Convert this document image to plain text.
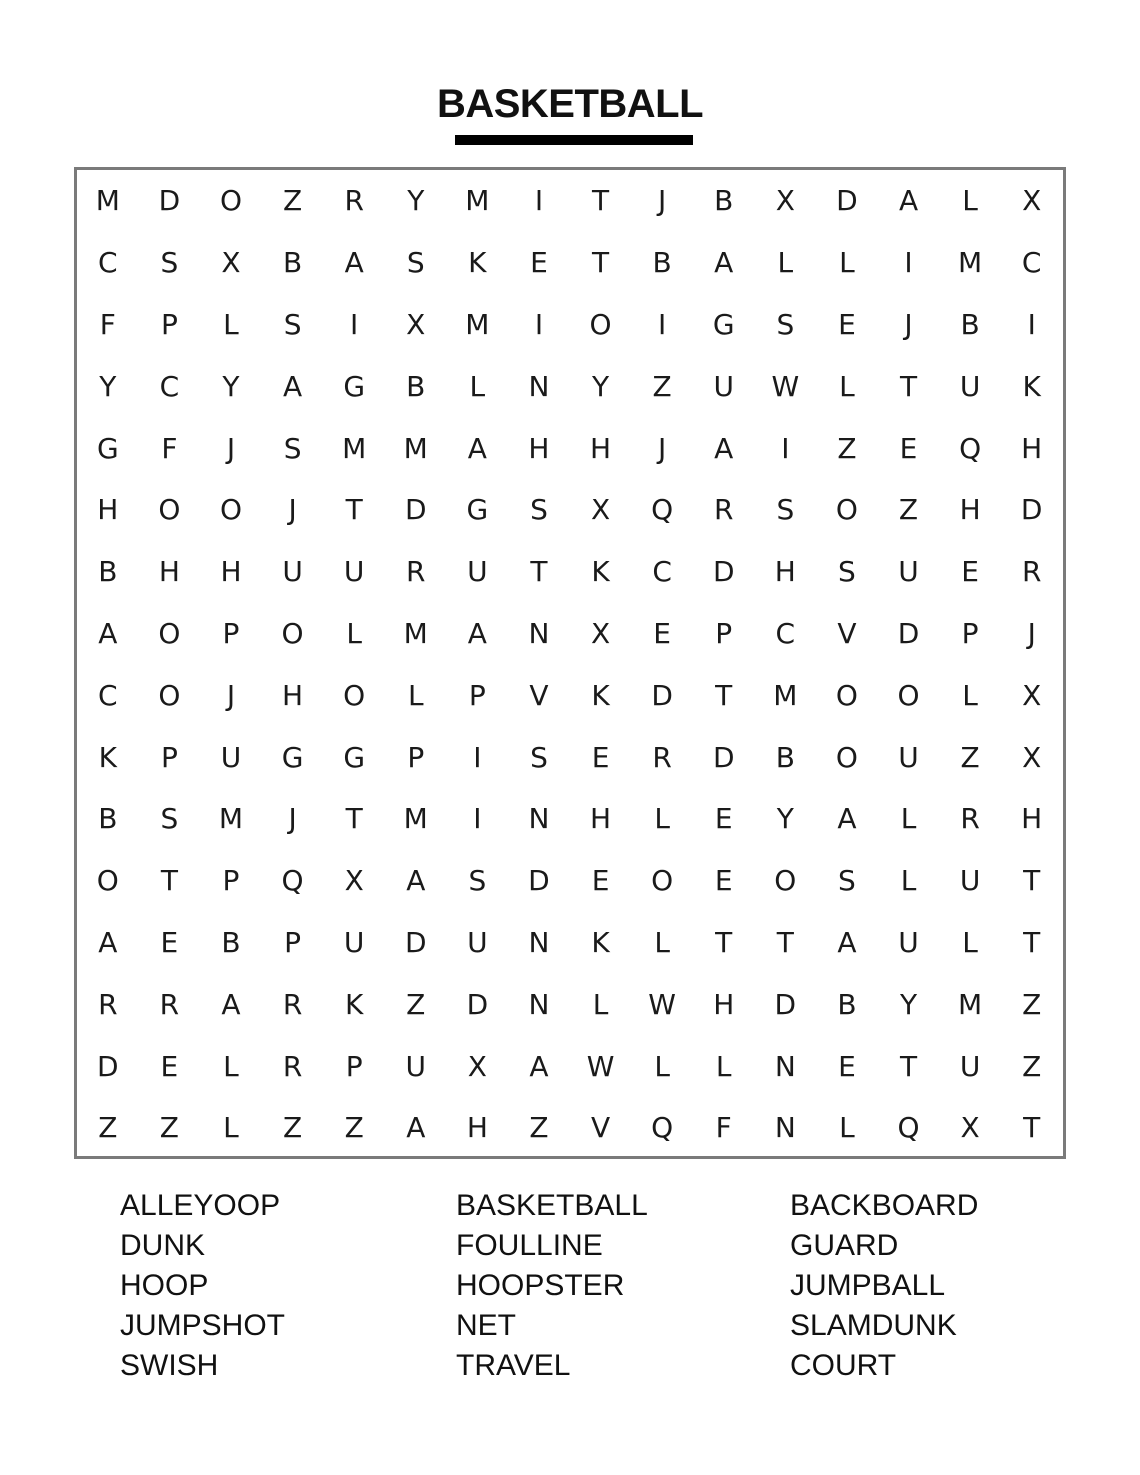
BASKETBALL
M	D	O	Z	R	Y	M	I	T	J	B	X	D	A	L	X
C	S	X	B	A	S	K	E	T	B	A	L	L	I	M	C
F	P	L	S	I	X	M	I	O	I	G	S	E	J	B	I
Y	C	Y	A	G	B	L	N	Y	Z	U	W	L	T	U	K
G	F	J	S	M	M	A	H	H	J	A	I	Z	E	Q	H
H	O	O	J	T	D	G	S	X	Q	R	S	O	Z	H	D
B	H	H	U	U	R	U	T	K	C	D	H	S	U	E	R
A	O	P	O	L	M	A	N	X	E	P	C	V	D	P	J
C	O	J	H	O	L	P	V	K	D	T	M	O	O	L	X
K	P	U	G	G	P	I	S	E	R	D	B	O	U	Z	X
B	S	M	J	T	M	I	N	H	L	E	Y	A	L	R	H
O	T	P	Q	X	A	S	D	E	O	E	O	S	L	U	T
A	E	B	P	U	D	U	N	K	L	T	T	A	U	L	T
R	R	A	R	K	Z	D	N	L	W	H	D	B	Y	M	Z
D	E	L	R	P	U	X	A	W	L	L	N	E	T	U	Z
Z	Z	L	Z	Z	A	H	Z	V	Q	F	N	L	Q	X	T
ALLEYOOP
DUNK
HOOP
JUMPSHOT
SWISH
BASKETBALL
FOULLINE
HOOPSTER
NET
TRAVEL
BACKBOARD
GUARD
JUMPBALL
SLAMDUNK
COURT
